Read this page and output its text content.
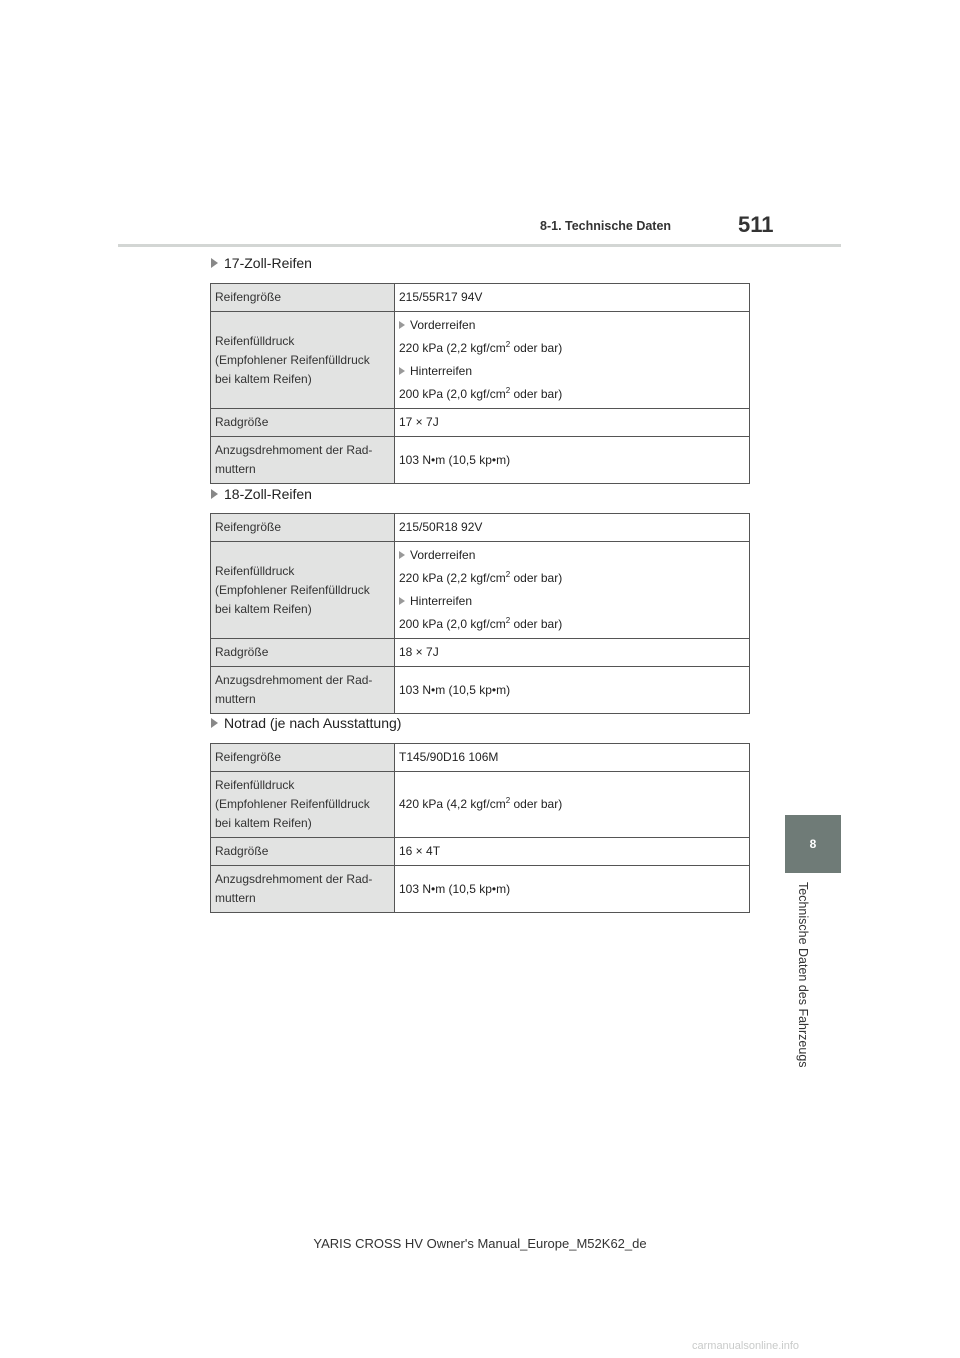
8-1. Technische Daten	511
8
Technische Daten des Fahrzeugs
17-Zoll-Reifen
Reifengröße	215/55R17 94V

Reifenfülldruck
(Empfohlener Reifenfülldruck
bei kaltem Reifen)	Vorderreifen
220 kPa (2,2 kgf/$cm^2$ oder bar)
Hinterreifen
200 kPa (2,0 kgf/$cm^2$ oder bar)

Radgröße	17 × 7J

Anzugsdrehmoment der Rad-
muttern	103 N•m (10,5 kp•m)
18-Zoll-Reifen
Reifengröße	215/50R18 92V

Reifenfülldruck
(Empfohlener Reifenfülldruck
bei kaltem Reifen)	Vorderreifen
220 kPa (2,2 kgf/$cm^2$ oder bar)
Hinterreifen
200 kPa (2,0 kgf/$cm^2$ oder bar)

Radgröße	18 × 7J

Anzugsdrehmoment der Rad-
muttern	103 N•m (10,5 kp•m)
Notrad (je nach Ausstattung)
Reifengröße	T145/90D16 106M

Reifenfülldruck
(Empfohlener Reifenfülldruck
bei kaltem Reifen)	420 kPa (4,2 kgf/$cm^2$ oder bar)
Radgröße	16 × 4T

Anzugsdrehmoment der Rad-
muttern	103 N•m (10,5 kp•m)
YARIS CROSS HV Owner's Manual_Europe_M52K62_de
carmanualsonline.info
